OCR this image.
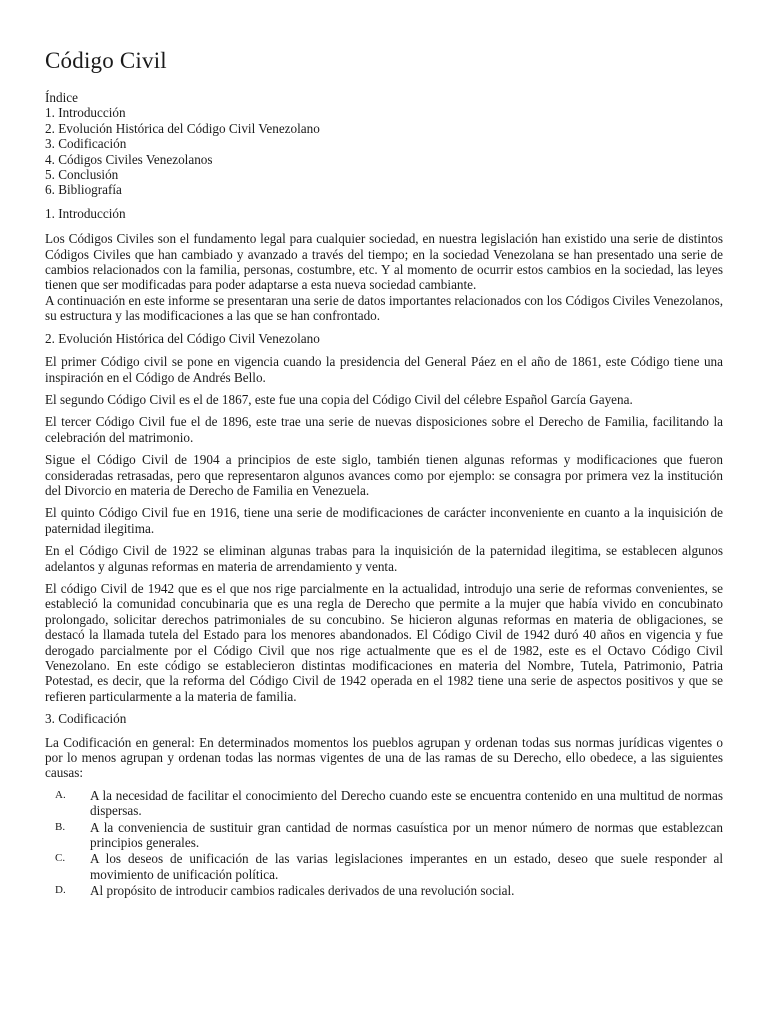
Código Civil
Índice
1. Introducción
2. Evolución Histórica del Código Civil Venezolano
3. Codificación
4. Códigos Civiles Venezolanos
5. Conclusión
6. Bibliografía
1. Introducción

Los Códigos Civiles son el fundamento legal para cualquier sociedad, en nuestra legislación han existido una serie de distintos Códigos Civiles que han cambiado y avanzado a través del tiempo; en la sociedad Venezolana se han presentado una serie de cambios relacionados con la familia, personas, costumbre, etc. Y al momento de ocurrir estos cambios en la sociedad, las leyes tienen que ser modificadas para poder adaptarse a esta nueva sociedad cambiante.

A continuación en este informe se presentaran una serie de datos importantes relacionados con los Códigos Civiles Venezolanos, su estructura y las modificaciones a las que se han confrontado.

2. Evolución Histórica del Código Civil Venezolano

El primer Código civil se pone en vigencia cuando la presidencia del General Páez en el año de 1861, este Código tiene una inspiración en el Código de Andrés Bello.

El segundo Código Civil es el de 1867, este fue una copia del Código Civil del célebre Español García Gayena.

El tercer Código Civil fue el de 1896, este trae una serie de nuevas disposiciones sobre el Derecho de Familia, facilitando la celebración del matrimonio.

Sigue el Código Civil de 1904 a principios de este siglo, también tienen algunas reformas y modificaciones que fueron consideradas retrasadas, pero que representaron algunos avances como por ejemplo: se consagra por primera vez la institución del Divorcio en materia de Derecho de Familia en Venezuela.

El quinto Código Civil fue en 1916, tiene una serie de modificaciones de carácter inconveniente en cuanto a la inquisición de paternidad ilegitima.

En el Código Civil de 1922 se eliminan algunas trabas para la inquisición de la paternidad ilegitima, se establecen algunos adelantos y algunas reformas en materia de arrendamiento y venta.

El código Civil de 1942 que es el que nos rige parcialmente en la actualidad, introdujo una serie de reformas convenientes, se estableció la comunidad concubinaria que es una regla de Derecho que permite a la mujer que había vivido en concubinato prolongado, solicitar derechos patrimoniales de su concubino. Se hicieron algunas reformas en materia de obligaciones, se destacó la llamada tutela del Estado para los menores abandonados. El Código Civil de 1942 duró 40 años en vigencia y fue derogado parcialmente por el Código Civil que nos rige actualmente que es el de 1982, este es el Octavo Código Civil Venezolano. En este código se establecieron distintas modificaciones en materia del Nombre, Tutela, Patrimonio, Patria Potestad, es decir, que la reforma del Código Civil de 1942 operada en el 1982 tiene una serie de aspectos positivos y que se refieren particularmente a la materia de familia.

3. Codificación

La Codificación en general: En determinados momentos los pueblos agrupan y ordenan todas sus normas jurídicas vigentes o por lo menos agrupan y ordenan todas las normas vigentes de una de las ramas de su Derecho, ello obedece, a las siguientes causas:

A. A la necesidad de facilitar el conocimiento del Derecho cuando este se encuentra contenido en una multitud de normas dispersas.
B. A la conveniencia de sustituir gran cantidad de normas casuística por un menor número de normas que establezcan principios generales.
C. A los deseos de unificación de las varias legislaciones imperantes en un estado, deseo que suele responder al movimiento de unificación política.
D. Al propósito de introducir cambios radicales derivados de una revolución social.
